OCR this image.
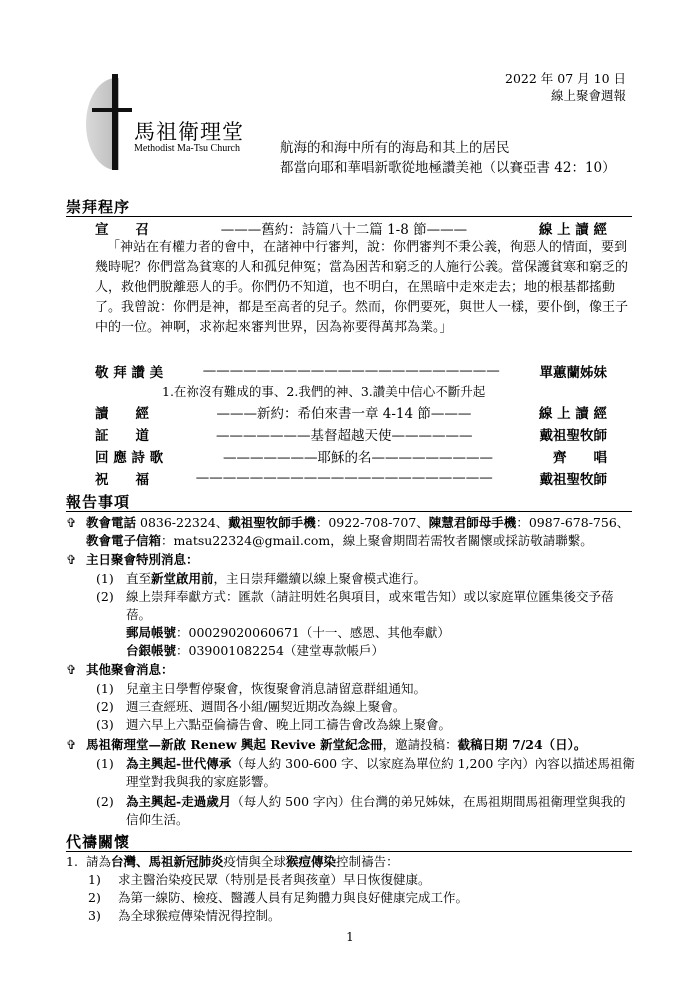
2022 年 07 月 10 日
線上聚會週報
馬祖衛理堂
Methodist Ma-Tsu Church	航海的和海中所有的海島和其上的居民
都當向耶和華唱新歌從地極讚美祂（以賽亞書 42：10）
崇拜程序
宣　　召	———舊約：詩篇八十二篇 1-8 節———	線 上 讀 經
「神站在有權力者的會中，在諸神中行審判，說：你們審判不秉公義，徇惡人的情面，要到幾時呢？你們當為貧寒的人和孤兒伸冤；當為困苦和窮乏的人施行公義。當保護貧寒和窮乏的人，救他們脫離惡人的手。你們仍不知道，也不明白，在黑暗中走來走去；地的根基都搖動了。我曾說：你們是神，都是至高者的兒子。然而，你們要死，與世人一樣，要仆倒，像王子中的一位。神啊，求祢起來審判世界，因為祢要得萬邦為業。」
敬 拜 讚 美	——————————————————————	單蕙蘭姊妹
1.在祢沒有難成的事、2.我們的神、3.讚美中信心不斷升起
讀　　經	———新約：希伯來書一章 4-14 節———	線 上 讀 經
証　　道	———————基督超越天使——————	戴祖聖牧師
回 應 詩 歌	———————耶穌的名—————————	齊　　唱
祝　　福	——————————————————————	戴祖聖牧師
報告事項
✞ 教會電話 0836-22324、戴祖聖牧師手機：0922-708-707、陳慧君師母手機：0987-678-756、
教會電子信箱：matsu22324@gmail.com，線上聚會期間若需牧者關懷或採訪敬請聯繫。
✞ 主日聚會特別消息：
(1) 直至新堂啟用前，主日崇拜繼續以線上聚會模式進行。
(2) 線上崇拜奉獻方式：匯款（請註明姓名與項目，或來電告知）或以家庭單位匯集後交予蓓蓓。
郵局帳號：00029020060671（十一、感恩、其他奉獻）
台銀帳號：039001082254（建堂專款帳戶）
✞ 其他聚會消息：
(1) 兒童主日學暫停聚會，恢復聚會消息請留意群組通知。
(2) 週三查經班、週間各小組/團契近期改為線上聚會。
(3) 週六早上六點亞倫禱告會、晚上同工禱告會改為線上聚會。
✞ 馬祖衛理堂—新啟 Renew 興起 Revive 新堂紀念冊，邀請投稿：截稿日期 7/24（日）。
(1) 為主興起-世代傳承（每人約 300-600 字、以家庭為單位約 1,200 字內）內容以描述馬祖衛理堂對我與我的家庭影響。
(2) 為主興起-走過歲月（每人約 500 字內）住台灣的弟兄姊妹，在馬祖期間馬祖衛理堂與我的信仰生活。
代禱關懷
1. 請為台灣、馬祖新冠肺炎疫情與全球猴痘傳染控制禱告：
1) 求主醫治染疫民眾（特別是長者與孩童）早日恢復健康。
2) 為第一線防、檢疫、醫護人員有足夠體力與良好健康完成工作。
3) 為全球猴痘傳染情況得控制。
1
